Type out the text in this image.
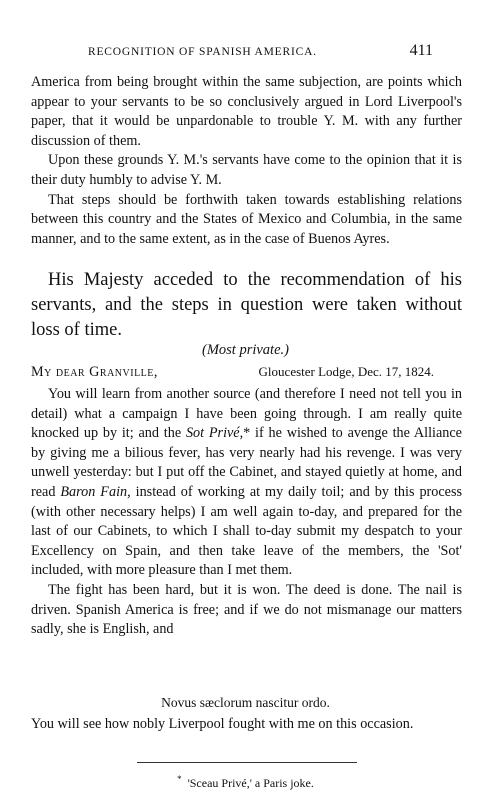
RECOGNITION OF SPANISH AMERICA.	411

America from being brought within the same subjection, are points which appear to your servants to be so conclusively argued in Lord Liverpool's paper, that it would be unpardonable to trouble Y. M. with any further discussion of them.

Upon these grounds Y. M.'s servants have come to the opinion that it is their duty humbly to advise Y. M.

That steps should be forthwith taken towards establishing relations between this country and the States of Mexico and Columbia, in the same manner, and to the same extent, as in the case of Buenos Ayres.

His Majesty acceded to the recommendation of his servants, and the steps in question were taken without loss of time.
(Most private.)
My dear Granville,	Gloucester Lodge, Dec. 17, 1824.

You will learn from another source (and therefore I need not tell you in detail) what a campaign I have been going through. I am really quite knocked up by it; and the Sot Privé,* if he wished to avenge the Alliance by giving me a bilious fever, has very nearly had his revenge. I was very unwell yesterday: but I put off the Cabinet, and stayed quietly at home, and read Baron Fain, instead of working at my daily toil; and by this process (with other necessary helps) I am well again to-day, and prepared for the last of our Cabinets, to which I shall to-day submit my despatch to your Excellency on Spain, and then take leave of the members, the 'Sot' included, with more pleasure than I met them.

The fight has been hard, but it is won. The deed is done. The nail is driven. Spanish America is free; and if we do not mismanage our matters sadly, she is English, and

Novus sæclorum nascitur ordo.

You will see how nobly Liverpool fought with me on this occasion.

* 'Sceau Privé,' a Paris joke.
